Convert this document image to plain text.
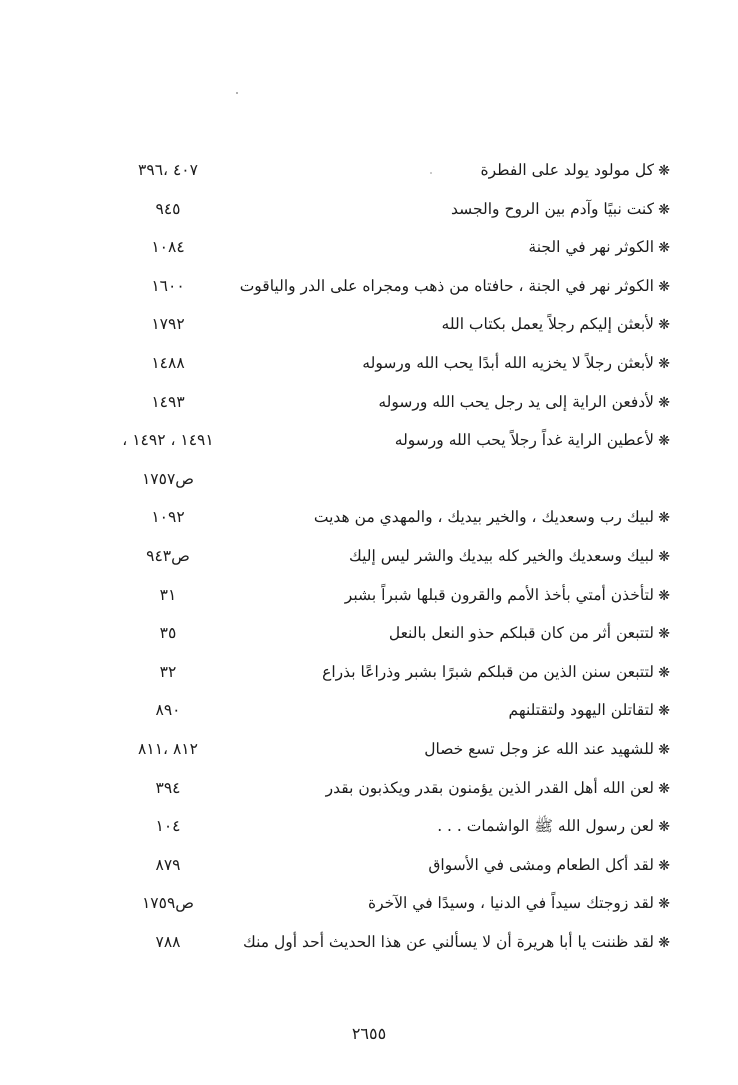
❋
كل مولود يولد على الفطرة
٤٠٧ ،٣٩٦
❋
كنت نبيًا وآدم بين الروح والجسد
٩٤٥
❋
الكوثر نهر في الجنة
١٠٨٤
❋
الكوثر نهر في الجنة ، حافتاه من ذهب ومجراه على الدر والياقوت
١٦٠٠
❋
لأبعثن إليكم رجلاً يعمل بكتاب الله
١٧٩٢
❋
لأبعثن رجلاً لا يخزيه الله أبدًا يحب الله ورسوله
١٤٨٨
❋
لأدفعن الراية إلى يد رجل يحب الله ورسوله
١٤٩٣
❋
لأعطين الراية غداً رجلاً يحب الله ورسوله
١٤٩١ ، ١٤٩٢ ،
ص١٧٥٧
❋
لبيك رب وسعديك ، والخير بيديك ، والمهدي من هديت
١٠٩٢
❋
لبيك وسعديك والخير كله بيديك والشر ليس إليك
ص٩٤٣
❋
لتأخذن أمتي بأخذ الأمم والقرون قبلها شبراً بشبر
٣١
❋
لتتبعن أثر من كان قبلكم حذو النعل بالنعل
٣٥
❋
لتتبعن سنن الذين من قبلكم شبرًا بشبر وذراعًا بذراع
٣٢
❋
لتقاتلن اليهود ولتقتلنهم
٨٩٠
❋
للشهيد عند الله عز وجل تسع خصال
٨١٢ ،٨١١
❋
لعن الله أهل القدر الذين يؤمنون بقدر ويكذبون بقدر
٣٩٤
❋
لعن رسول الله ﷺ الواشمات . . .
١٠٤
❋
لقد أكل الطعام ومشى في الأسواق
٨٧٩
❋
لقد زوجتك سيداً في الدنيا ، وسيدًا في الآخرة
ص١٧٥٩
❋
لقد ظننت يا أبا هريرة أن لا يسألني عن هذا الحديث أحد أول منك
٧٨٨
٢٦٥٥
